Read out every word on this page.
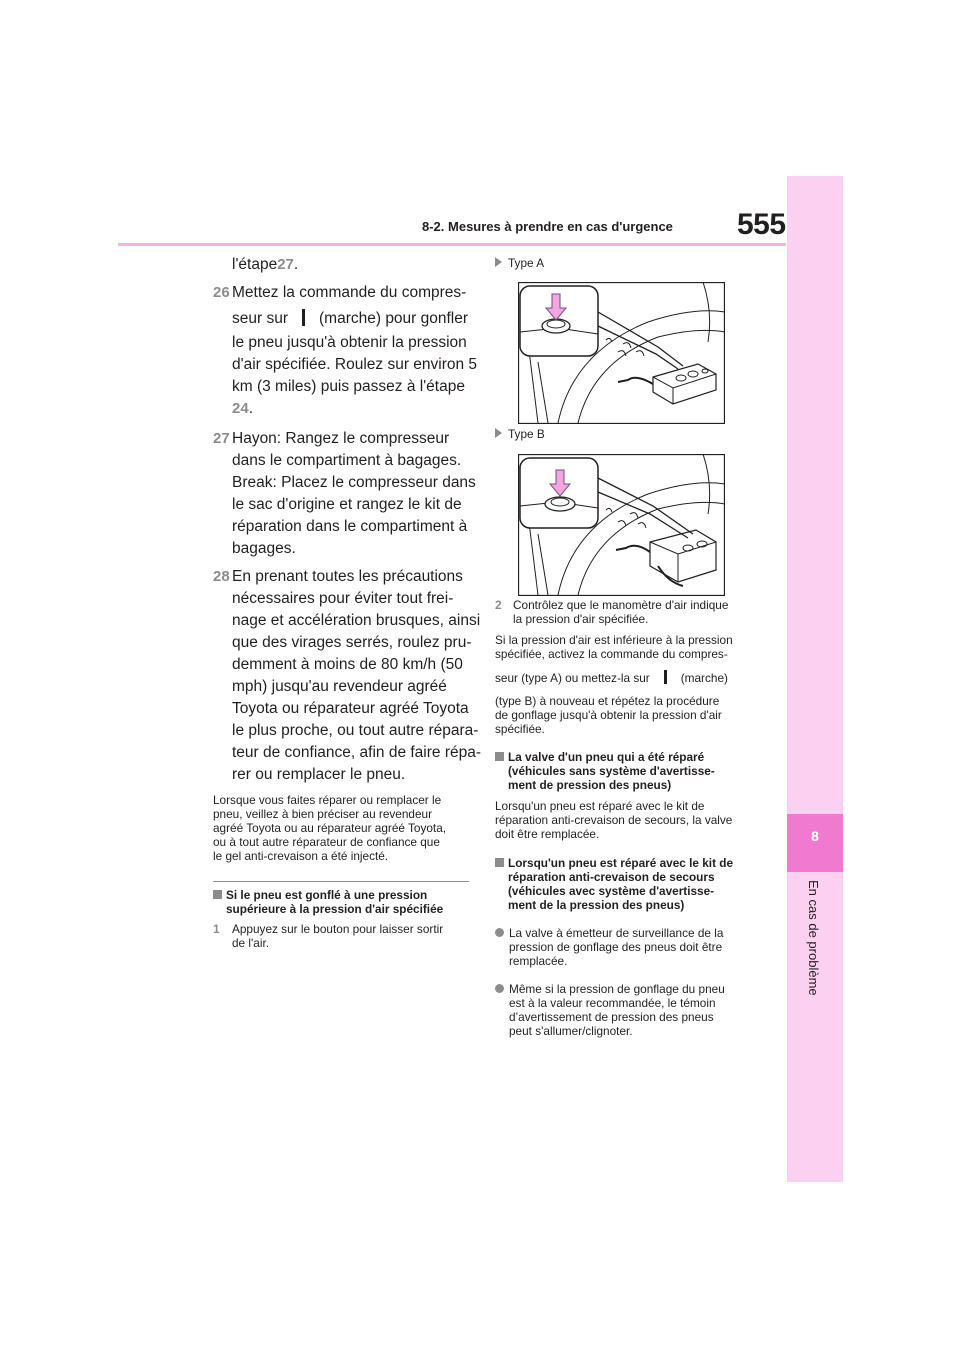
8-2. Mesures à prendre en cas d'urgence 555
8
En cas de problème
l'étape27.
26 Mettez la commande du compres-
seur sur (marche) pour gonfler
le pneu jusqu'à obtenir la pression
d'air spécifiée. Roulez sur environ 5
km (3 miles) puis passez à l'étape
24.
27 Hayon: Rangez le compresseur
dans le compartiment à bagages.
Break: Placez le compresseur dans
le sac d'origine et rangez le kit de
réparation dans le compartiment à
bagages.
28 En prenant toutes les précautions
nécessaires pour éviter tout frei-
nage et accélération brusques, ainsi
que des virages serrés, roulez pru-
demment à moins de 80 km/h (50
mph) jusqu'au revendeur agréé
Toyota ou réparateur agréé Toyota
le plus proche, ou tout autre répara-
teur de confiance, afin de faire répa-
rer ou remplacer le pneu.
Lorsque vous faites réparer ou remplacer le
pneu, veillez à bien préciser au revendeur
agréé Toyota ou au réparateur agréé Toyota,
ou à tout autre réparateur de confiance que
le gel anti-crevaison a été injecté.
Si le pneu est gonflé à une pression
supérieure à la pression d'air spécifiée
1 Appuyez sur le bouton pour laisser sortir
de l'air.
Type A
Type B
2 Contrôlez que le manomètre d'air indique
la pression d'air spécifiée.
Si la pression d'air est inférieure à la pression
spécifiée, activez la commande du compres-
seur (type A) ou mettez-la sur	(marche)
(type B) à nouveau et répétez la procédure
de gonflage jusqu'à obtenir la pression d'air
spécifiée.
La valve d'un pneu qui a été réparé
(véhicules sans système d'avertisse-
ment de pression des pneus)
Lorsqu'un pneu est réparé avec le kit de
réparation anti-crevaison de secours, la valve
doit être remplacée.
Lorsqu'un pneu est réparé avec le kit de
réparation anti-crevaison de secours
(véhicules avec système d'avertisse-
ment de la pression des pneus)
La valve à émetteur de surveillance de la
pression de gonflage des pneus doit être
remplacée.
Même si la pression de gonflage du pneu
est à la valeur recommandée, le témoin
d’avertissement de pression des pneus
peut s'allumer/clignoter.
